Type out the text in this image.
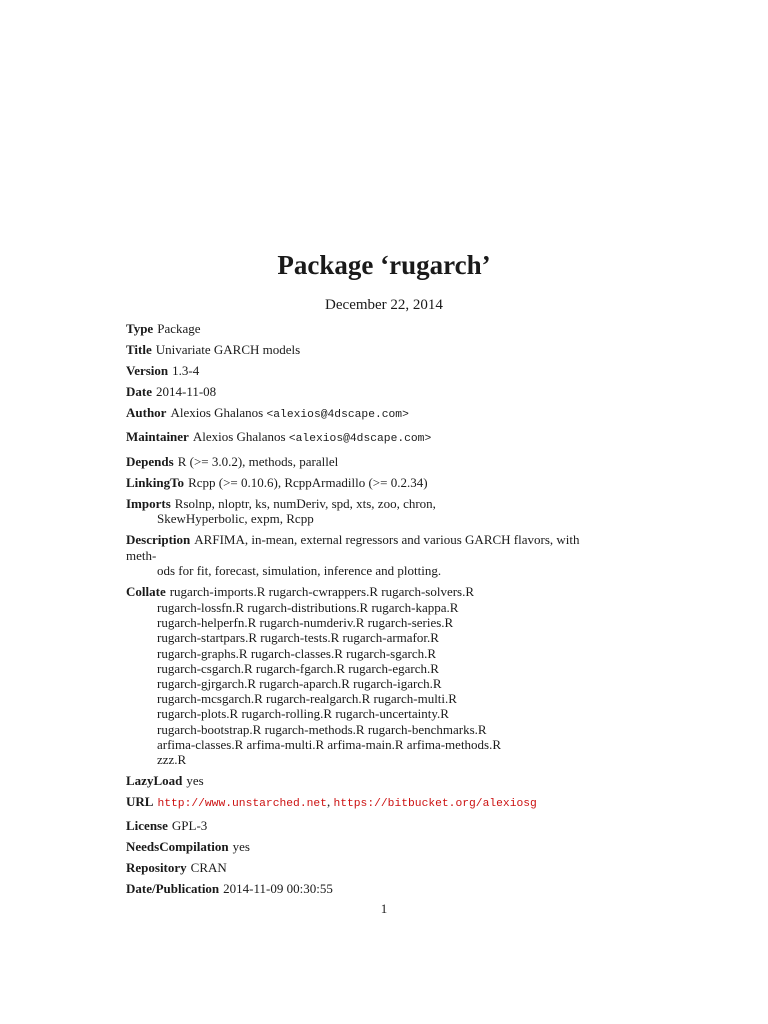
Package ‘rugarch’
December 22, 2014
Type Package
Title Univariate GARCH models
Version 1.3-4
Date 2014-11-08
Author Alexios Ghalanos <alexios@4dscape.com>
Maintainer Alexios Ghalanos <alexios@4dscape.com>
Depends R (>= 3.0.2), methods, parallel
LinkingTo Rcpp (>= 0.10.6), RcppArmadillo (>= 0.2.34)
Imports Rsolnp, nloptr, ks, numDeriv, spd, xts, zoo, chron,
SkewHyperbolic, expm, Rcpp
Description ARFIMA, in-mean, external regressors and various GARCH flavors, with meth-
ods for fit, forecast, simulation, inference and plotting.
Collate rugarch-imports.R rugarch-cwrappers.R rugarch-solvers.R
rugarch-lossfn.R rugarch-distributions.R rugarch-kappa.R
rugarch-helperfn.R rugarch-numderiv.R rugarch-series.R
rugarch-startpars.R rugarch-tests.R rugarch-armafor.R
rugarch-graphs.R rugarch-classes.R rugarch-sgarch.R
rugarch-csgarch.R rugarch-fgarch.R rugarch-egarch.R
rugarch-gjrgarch.R rugarch-aparch.R rugarch-igarch.R
rugarch-mcsgarch.R rugarch-realgarch.R rugarch-multi.R
rugarch-plots.R rugarch-rolling.R rugarch-uncertainty.R
rugarch-bootstrap.R rugarch-methods.R rugarch-benchmarks.R
arfima-classes.R arfima-multi.R arfima-main.R arfima-methods.R
zzz.R
LazyLoad yes
URL http://www.unstarched.net, https://bitbucket.org/alexiosg
License GPL-3
NeedsCompilation yes
Repository CRAN
Date/Publication 2014-11-09 00:30:55
1
